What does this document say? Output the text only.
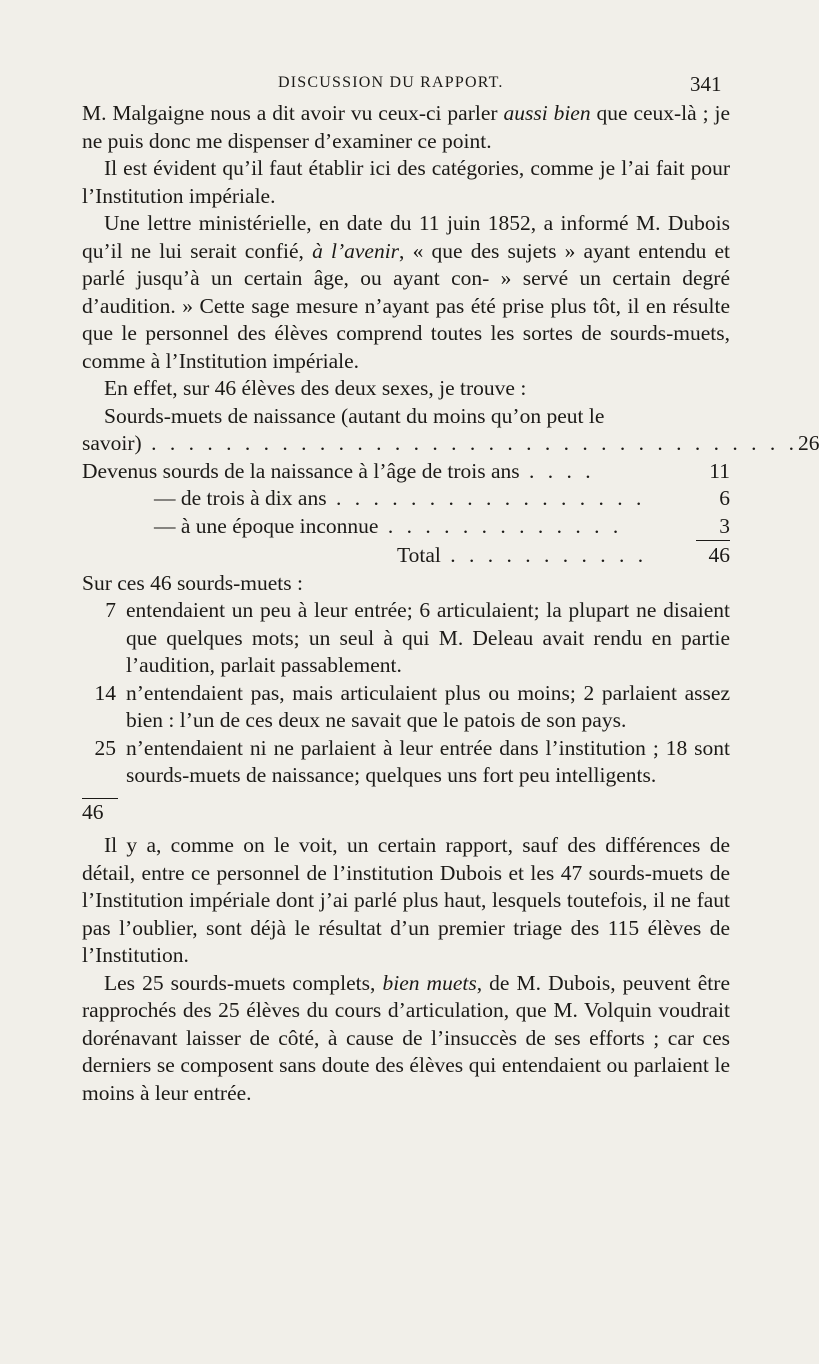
DISCUSSION DU RAPPORT.	341

M. Malgaigne nous a dit avoir vu ceux-ci parler aussi bien que ceux-là ; je ne puis donc me dispenser d’examiner ce point.

Il est évident qu’il faut établir ici des catégories, comme je l’ai fait pour l’Institution impériale.

Une lettre ministérielle, en date du 11 juin 1852, a informé M. Dubois qu’il ne lui serait confié, à l’avenir, « que des sujets » ayant entendu et parlé jusqu’à un certain âge, ou ayant con- » servé un certain degré d’audition. » Cette sage mesure n’ayant pas été prise plus tôt, il en résulte que le personnel des élèves comprend toutes les sortes de sourds-muets, comme à l’Institution impériale.

En effet, sur 46 élèves des deux sexes, je trouve :

Sourds-muets de naissance (autant du moins qu’on peut le

savoir) . . . . . . . . . . . . . . . . . . . . . . . . . . . . . . . . . . . 26
Devenus sourds de la naissance à l’âge de trois ans . . . .	11
— de trois à dix ans . . . . . . . . . . . . . . . . .	6
— à une époque inconnue . . . . . . . . . . . . .	3
Total . . . . . . . . . . .	46

Sur ces 46 sourds-muets :

7 entendaient un peu à leur entrée; 6 articulaient; la plupart ne disaient que quelques mots; un seul à qui M. Deleau avait rendu en partie l’audition, parlait passablement.
14 n’entendaient pas, mais articulaient plus ou moins; 2 parlaient assez bien : l’un de ces deux ne savait que le patois de son pays.
25 n’entendaient ni ne parlaient à leur entrée dans l’institution ; 18 sont sourds-muets de naissance; quelques uns fort peu intelligents.
46

Il y a, comme on le voit, un certain rapport, sauf des différences de détail, entre ce personnel de l’institution Dubois et les 47 sourds-muets de l’Institution impériale dont j’ai parlé plus haut, lesquels toutefois, il ne faut pas l’oublier, sont déjà le résultat d’un premier triage des 115 élèves de l’Institution.

Les 25 sourds-muets complets, bien muets, de M. Dubois, peuvent être rapprochés des 25 élèves du cours d’articulation, que M. Volquin voudrait dorénavant laisser de côté, à cause de l’insuccès de ses efforts ; car ces derniers se composent sans doute des élèves qui entendaient ou parlaient le moins à leur entrée.
